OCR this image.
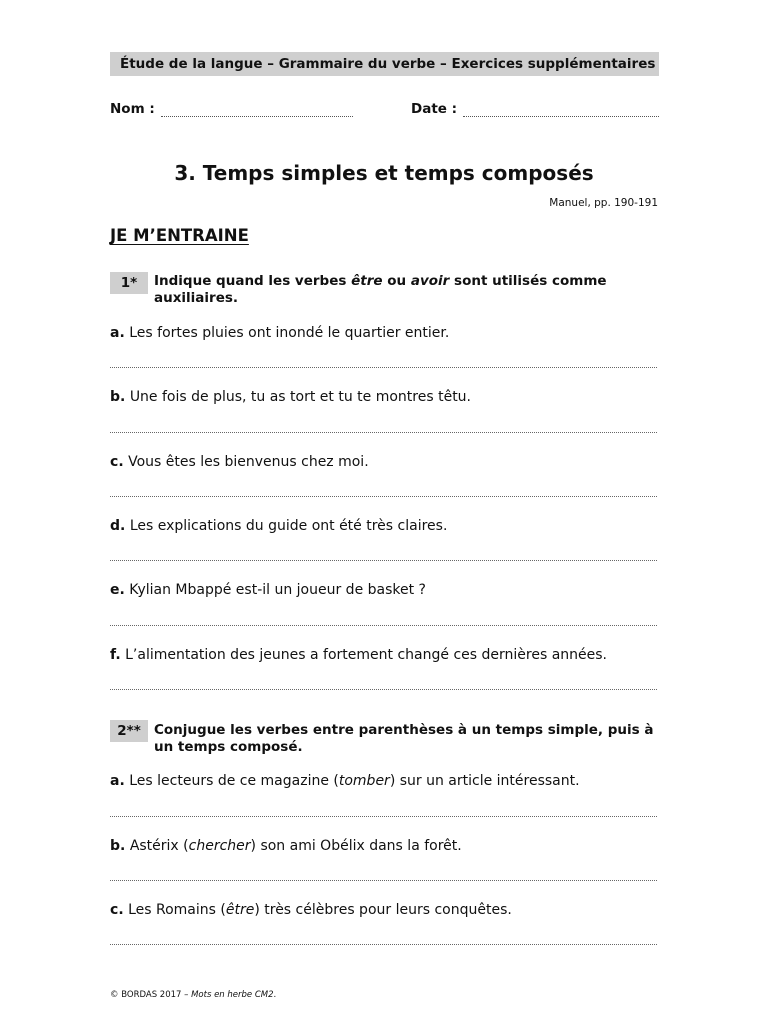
Étude de la langue – Grammaire du verbe – Exercices supplémentaires
Nom :	Date :
3. Temps simples et temps composés
Manuel, pp. 190-191
JE M’ENTRAINE
1*	Indique quand les verbes être ou avoir sont utilisés comme auxiliaires.
a. Les fortes pluies ont inondé le quartier entier.
b. Une fois de plus, tu as tort et tu te montres têtu.
c. Vous êtes les bienvenus chez moi.
d. Les explications du guide ont été très claires.
e. Kylian Mbappé est-il un joueur de basket ?
f. L’alimentation des jeunes a fortement changé ces dernières années.
2** Conjugue les verbes entre parenthèses à un temps simple, puis à un temps composé.
a. Les lecteurs de ce magazine (tomber) sur un article intéressant.
b. Astérix (chercher) son ami Obélix dans la forêt.
c. Les Romains (être) très célèbres pour leurs conquêtes.
© BORDAS 2017 – Mots en herbe CM2.
